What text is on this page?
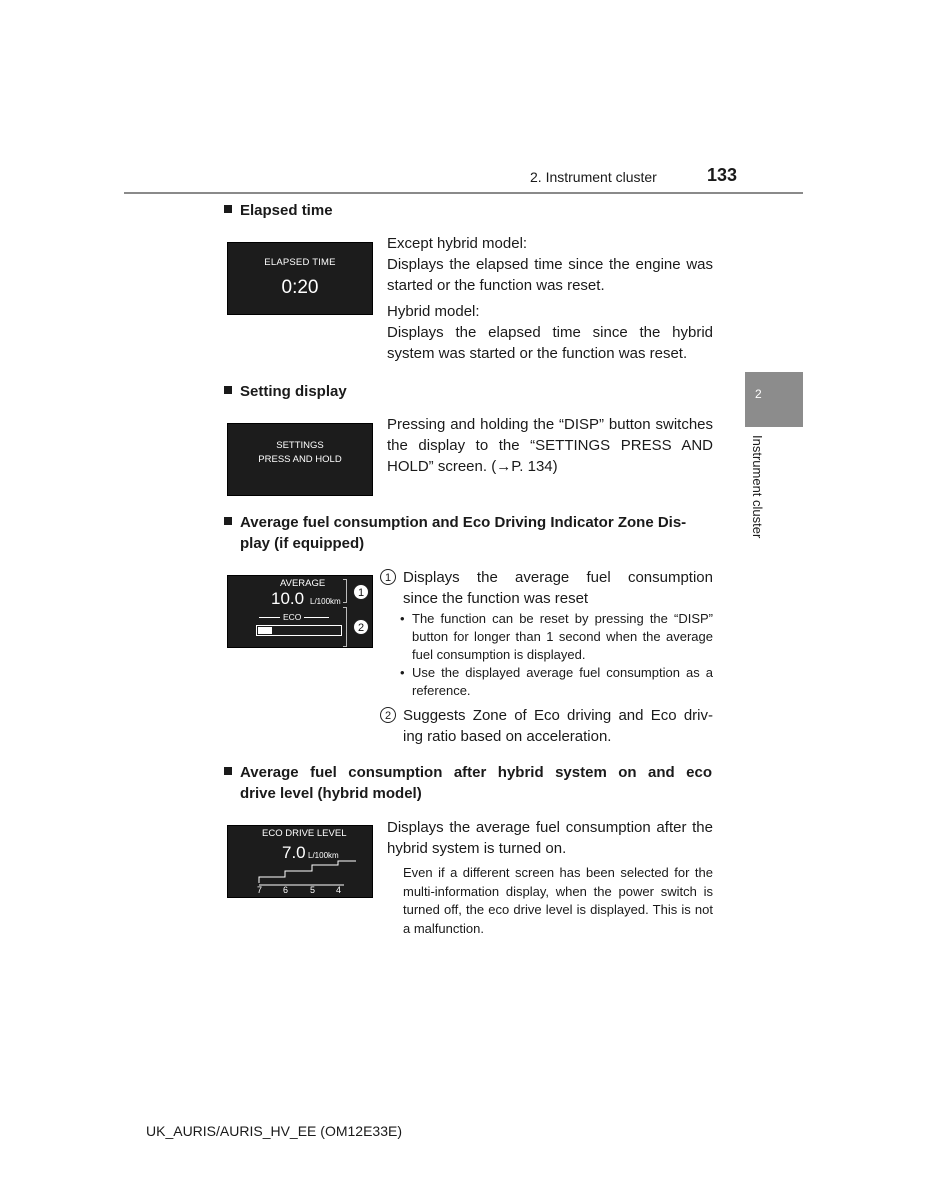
2. Instrument cluster	133
2
Instrument cluster
Elapsed time
ELAPSED TIME
0:20

Except hybrid model:

Displays the elapsed time since the engine was started or the function was reset.

Hybrid model:

Displays the elapsed time since the hybrid system was started or the function was reset.

Setting display
SETTINGS
PRESS AND HOLD

Pressing and holding the “DISP” button switches the display to the “SETTINGS PRESS AND HOLD” screen. (→P. 134)

Average fuel consumption and Eco Driving Indicator Zone Dis-
play (if equipped)
AVERAGE
10.0 L/100km
ECO
1
2
1 Displays the average fuel consumption
since the function was reset
• The function can be reset by pressing the “DISP” button for longer than 1 second when the average fuel consumption is displayed.
• Use the displayed average fuel consumption as a reference.
2 Suggests Zone of Eco driving and Eco driv-
ing ratio based on acceleration.
Average fuel consumption after hybrid system on and eco
drive level (hybrid model)
ECO DRIVE LEVEL
7.0 L/100km
7 6 5 4

Displays the average fuel consumption after the hybrid system is turned on.

Even if a different screen has been selected for the multi-information display, when the power switch is turned off, the eco drive level is displayed. This is not a malfunction.
UK_AURIS/AURIS_HV_EE (OM12E33E)
